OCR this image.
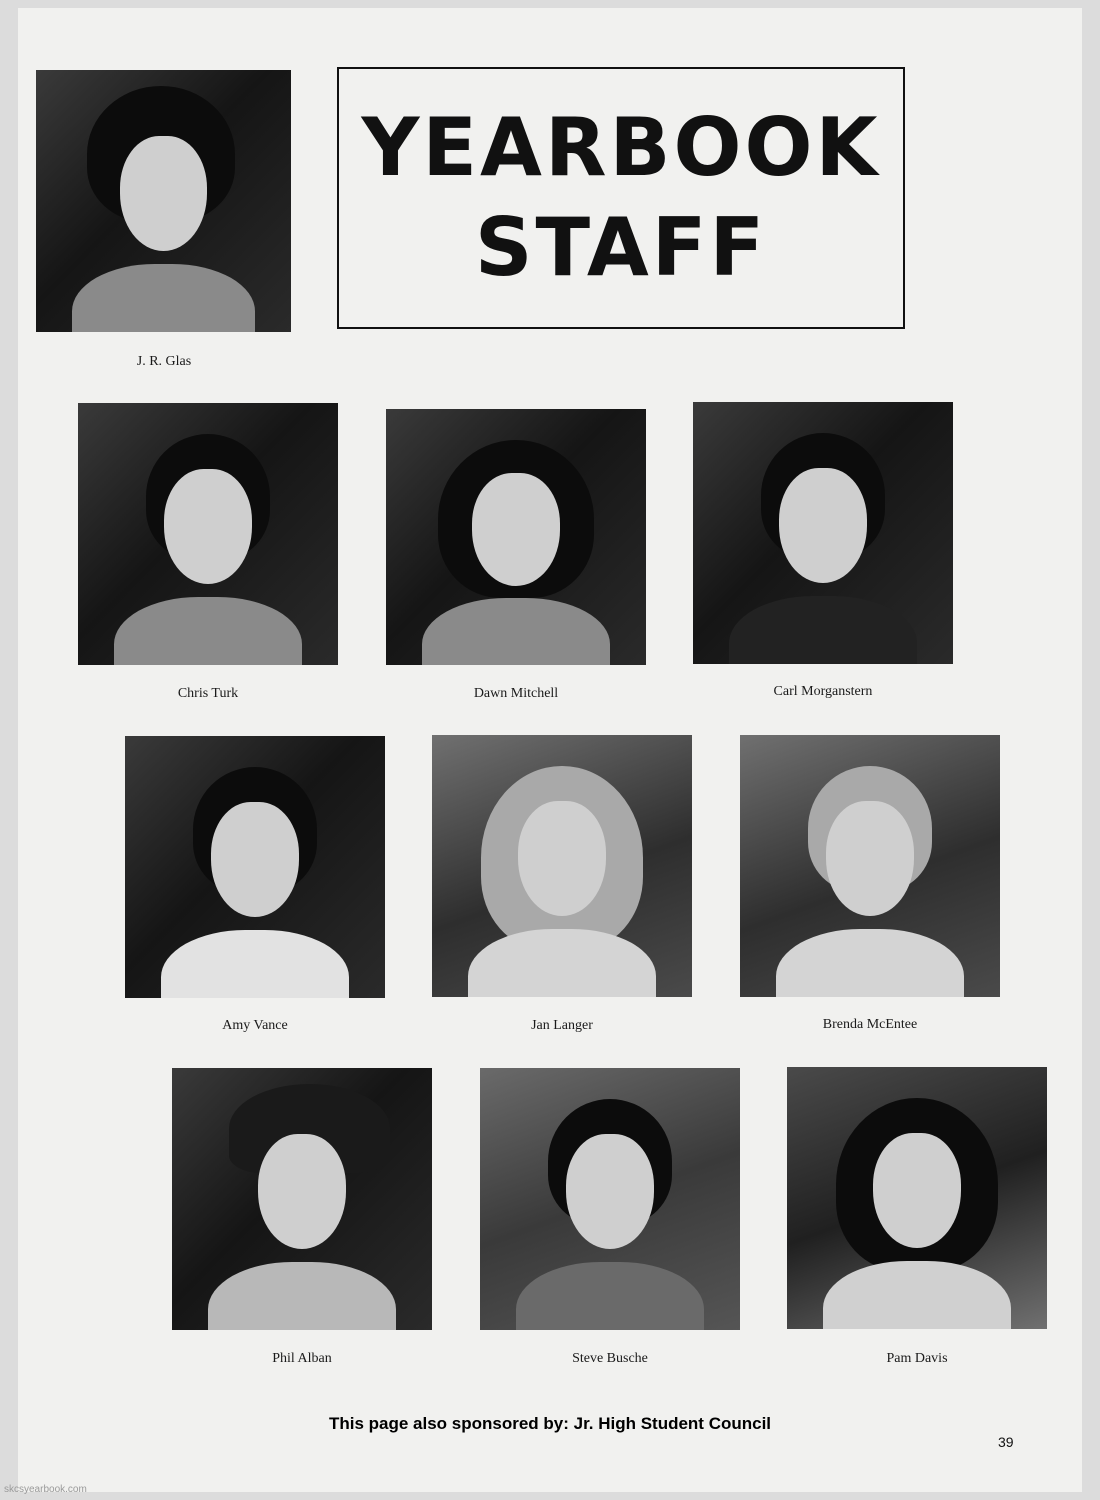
J. R. Glas
YEARBOOK
STAFF
Chris Turk	Dawn Mitchell	Carl Morganstern
Amy Vance	Jan Langer	Brenda McEntee
Phil Alban	Steve Busche	Pam Davis
This page also sponsored by: Jr. High Student Council
39
skcsyearbook.com
